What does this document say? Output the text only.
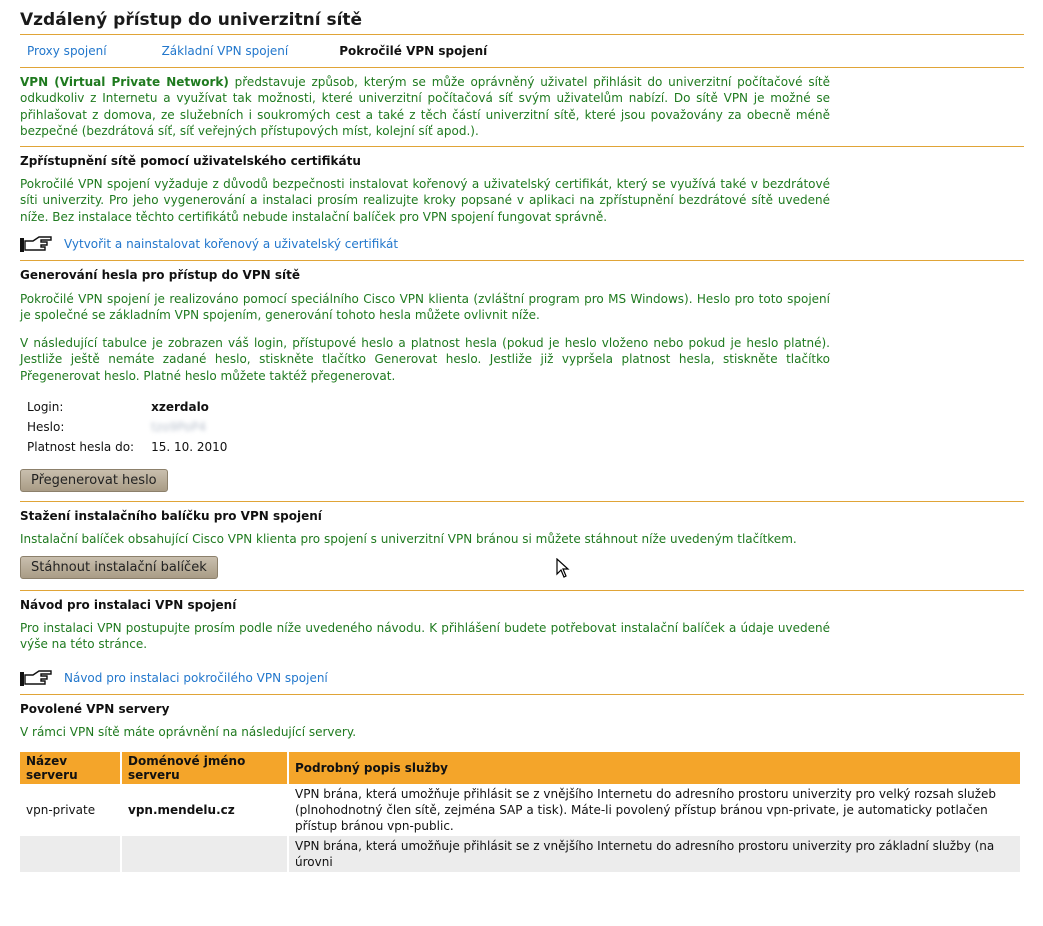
Vzdálený přístup do univerzitní sítě
Proxy spojení	Základní VPN spojení	Pokročilé VPN spojení

VPN (Virtual Private Network) představuje způsob, kterým se může oprávněný uživatel přihlásit do univerzitní počítačové sítě odkudkoliv z Internetu a využívat tak možnosti, které univerzitní počítačová síť svým uživatelům nabízí. Do sítě VPN je možné se přihlašovat z domova, ze služebních i soukromých cest a také z těch částí univerzitní sítě, které jsou považovány za obecně méně bezpečné (bezdrátová síť, síť veřejných přístupových míst, kolejní síť apod.).

Zpřístupnění sítě pomocí uživatelského certifikátu

Pokročilé VPN spojení vyžaduje z důvodů bezpečnosti instalovat kořenový a uživatelský certifikát, který se využívá také v bezdrátové síti univerzity. Pro jeho vygenerování a instalaci prosím realizujte kroky popsané v aplikaci na zpřístupnění bezdrátové sítě uvedené níže. Bez instalace těchto certifikátů nebude instalační balíček pro VPN spojení fungovat správně.

Vytvořit a nainstalovat kořenový a uživatelský certifikát

Generování hesla pro přístup do VPN sítě

Pokročilé VPN spojení je realizováno pomocí speciálního Cisco VPN klienta (zvláštní program pro MS Windows). Heslo pro toto spojení je společné se základním VPN spojením, generování tohoto hesla můžete ovlivnit níže.

V následující tabulce je zobrazen váš login, přístupové heslo a platnost hesla (pokud je heslo vloženo nebo pokud je heslo platné). Jestliže ještě nemáte zadané heslo, stiskněte tlačítko Generovat heslo. Jestliže již vypršela platnost hesla, stiskněte tlačítko Přegenerovat heslo. Platné heslo můžete taktéž přegenerovat.

Login:	xzerdalo
Heslo:	tzo9PoP4
Platnost hesla do:	15. 10. 2010
Přegenerovat heslo

Stažení instalačního balíčku pro VPN spojení

Instalační balíček obsahující Cisco VPN klienta pro spojení s univerzitní VPN bránou si můžete stáhnout níže uvedeným tlačítkem.

Stáhnout instalační balíček

Návod pro instalaci VPN spojení

Pro instalaci VPN postupujte prosím podle níže uvedeného návodu. K přihlášení budete potřebovat instalační balíček a údaje uvedené výše na této stránce.

Návod pro instalaci pokročilého VPN spojení

Povolené VPN servery

V rámci VPN sítě máte oprávnění na následující servery.

Název serveru	Doménové jméno serveru	Podrobný popis služby
vpn-private	vpn.mendelu.cz	VPN brána, která umožňuje přihlásit se z vnějšího Internetu do adresního prostoru univerzity pro velký rozsah služeb (plnohodnotný člen sítě, zejména SAP a tisk). Máte-li povolený přístup bránou vpn-private, je automaticky potlačen přístup bránou vpn-public.
		VPN brána, která umožňuje přihlásit se z vnějšího Internetu do adresního prostoru univerzity pro základní služby (na úrovni
